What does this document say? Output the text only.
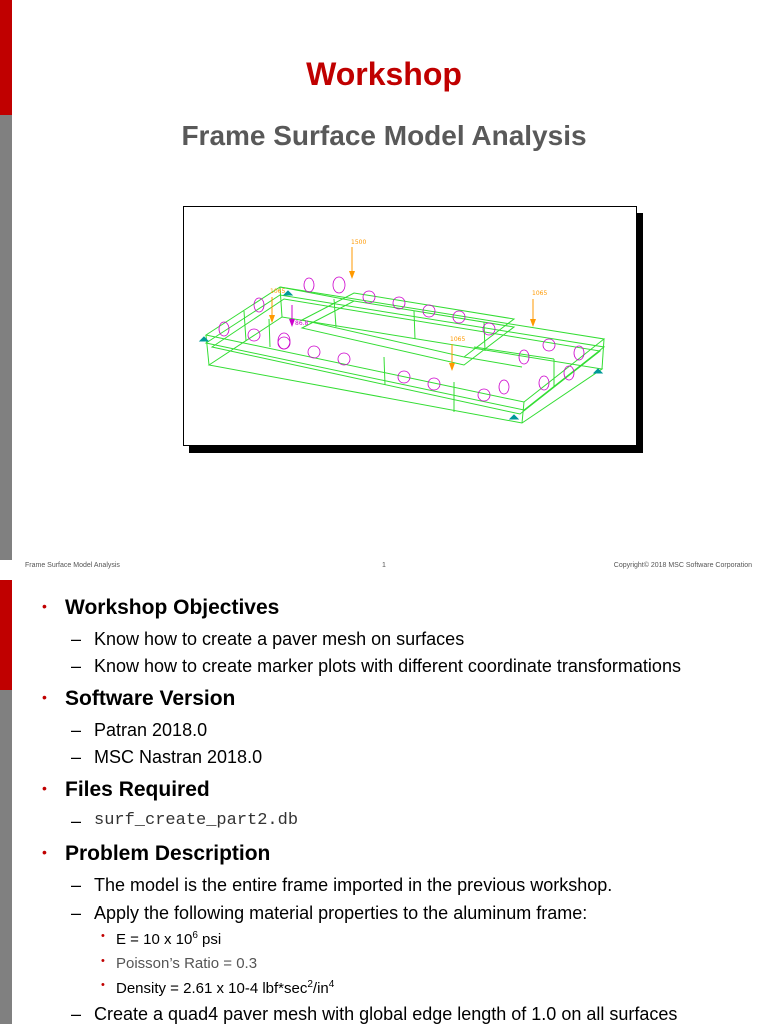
Workshop
Frame Surface Model Analysis
1500
1065	1065
1065
86.8
Frame Surface Model Analysis	1	Copyright© 2018 MSC Software Corporation
• Workshop Objectives
– Know how to create a paver mesh on surfaces
– Know how to create marker plots with different coordinate transformations
• Software Version
– Patran 2018.0
– MSC Nastran 2018.0
• Files Required
– surf_create_part2.db
• Problem Description
– The model is the entire frame imported in the previous workshop.
– Apply the following material properties to the aluminum frame:
• E = 10 x $10^6$ psi
• Poisson’s Ratio = 0.3
• Density = 2.61 x 10-4 $lbf*\sec^2/in^4$
– Create a quad4 paver mesh with global edge length of 1.0 on all surfaces
